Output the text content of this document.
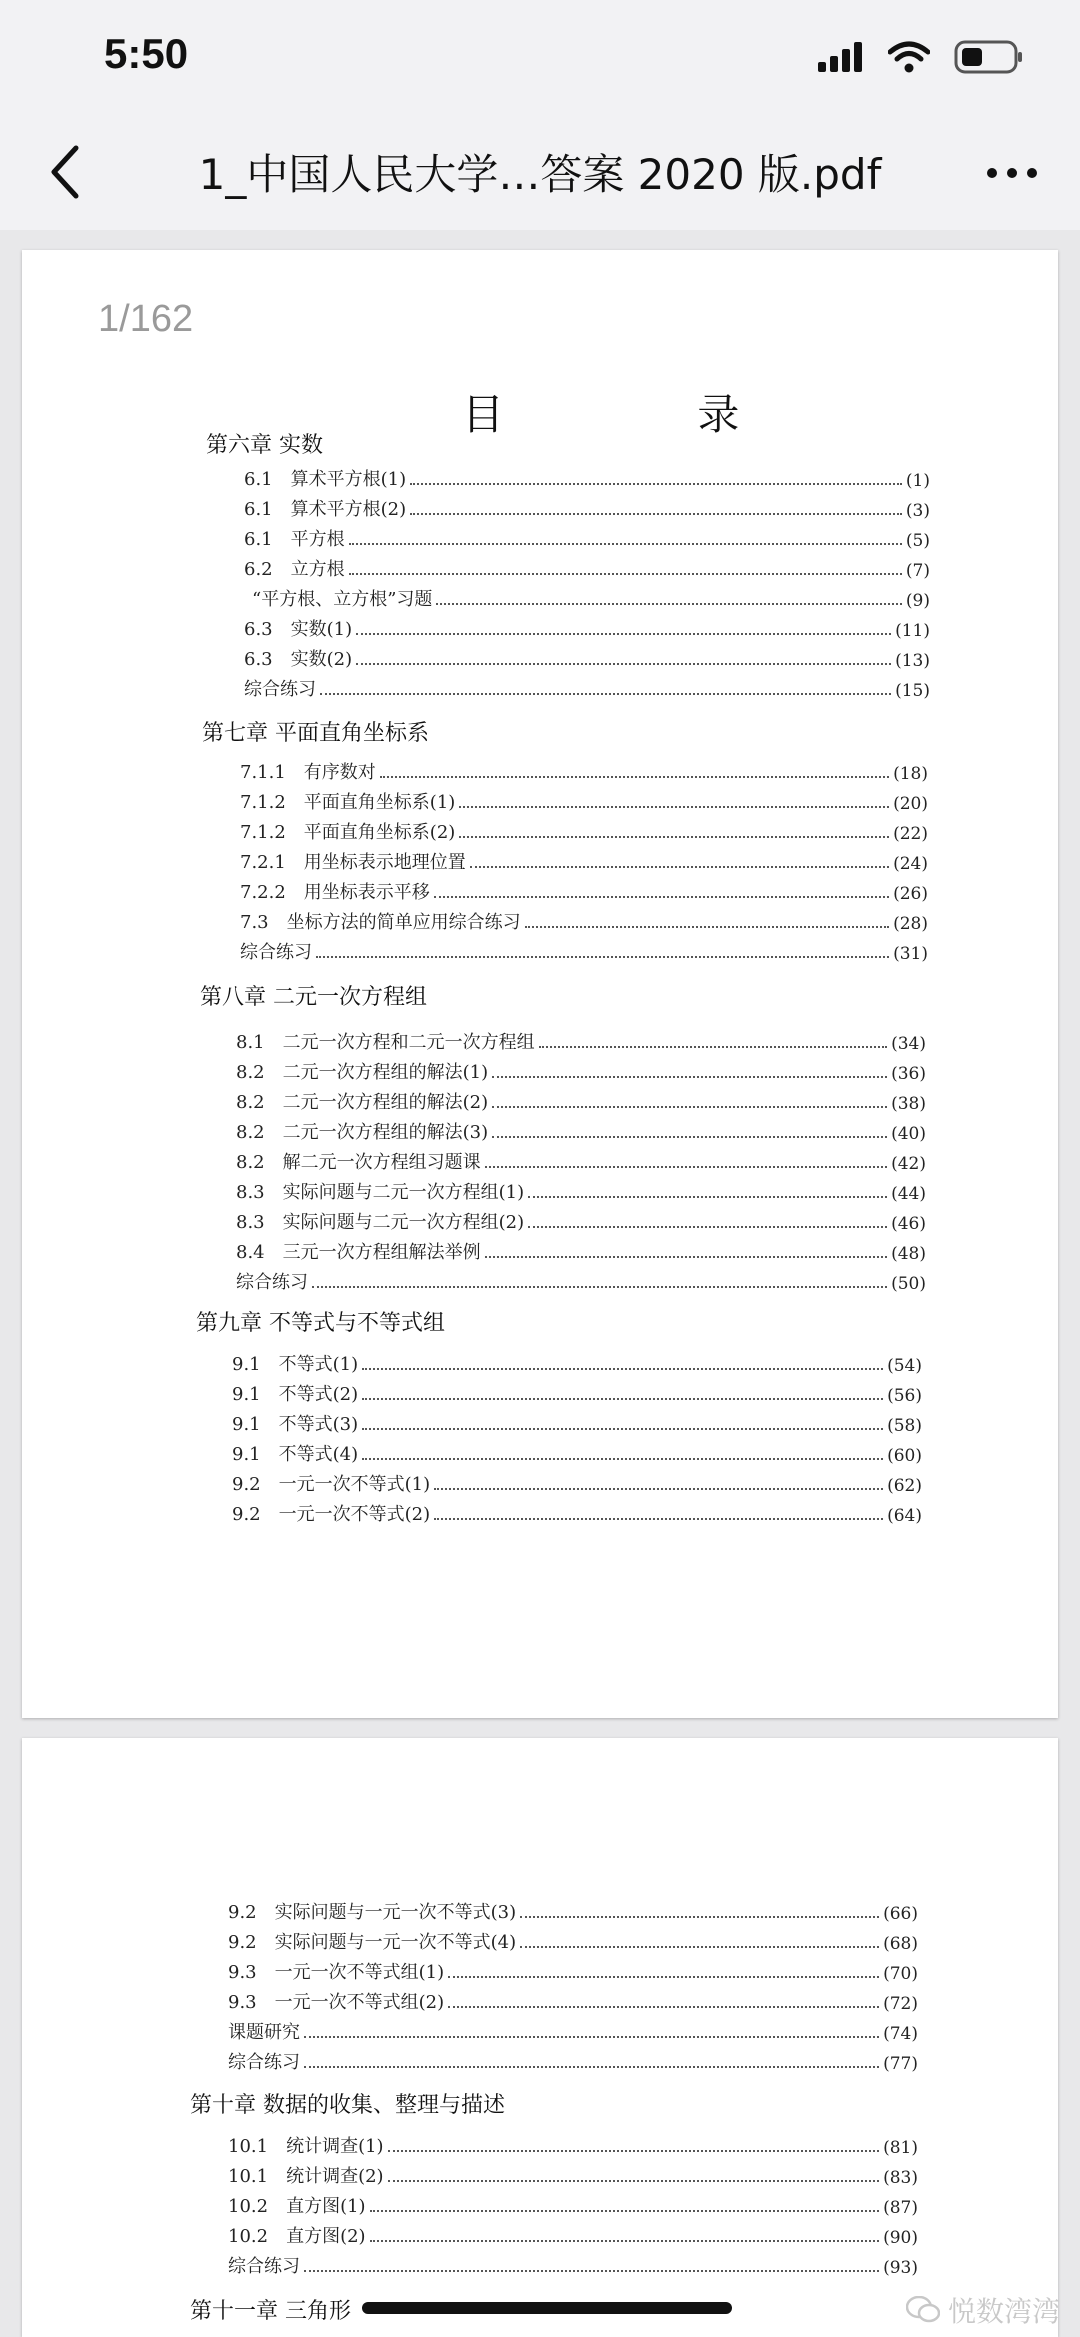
5:50
1_中国人民大学…答案 2020 版.pdf
1/162
目 录
第六章 实数
6.1　算术平方根(1)	(1)
6.1　算术平方根(2)	(3)
6.1　平方根	(5)
6.2　立方根	(7)
“平方根、立方根”习题	(9)
6.3　实数(1)	(11)
6.3　实数(2)	(13)
综合练习	(15)
第七章 平面直角坐标系
7.1.1　有序数对	(18)
7.1.2　平面直角坐标系(1)	(20)
7.1.2　平面直角坐标系(2)	(22)
7.2.1　用坐标表示地理位置	(24)
7.2.2　用坐标表示平移	(26)
7.3　坐标方法的简单应用综合练习	(28)
综合练习	(31)
第八章 二元一次方程组
8.1　二元一次方程和二元一次方程组	(34)
8.2　二元一次方程组的解法(1)	(36)
8.2　二元一次方程组的解法(2)	(38)
8.2　二元一次方程组的解法(3)	(40)
8.2　解二元一次方程组习题课	(42)
8.3　实际问题与二元一次方程组(1)	(44)
8.3　实际问题与二元一次方程组(2)	(46)
8.4　三元一次方程组解法举例	(48)
综合练习	(50)
第九章 不等式与不等式组
9.1　不等式(1)	(54)
9.1　不等式(2)	(56)
9.1　不等式(3)	(58)
9.1　不等式(4)	(60)
9.2　一元一次不等式(1)	(62)
9.2　一元一次不等式(2)	(64)
9.2　实际问题与一元一次不等式(3)	(66)
9.2　实际问题与一元一次不等式(4)	(68)
9.3　一元一次不等式组(1)	(70)
9.3　一元一次不等式组(2)	(72)
课题研究	(74)
综合练习	(77)
第十章 数据的收集、整理与描述
10.1　统计调查(1)	(81)
10.1　统计调查(2)	(83)
10.2　直方图(1)	(87)
10.2　直方图(2)	(90)
综合练习	(93)
第十一章 三角形	悦数湾湾
